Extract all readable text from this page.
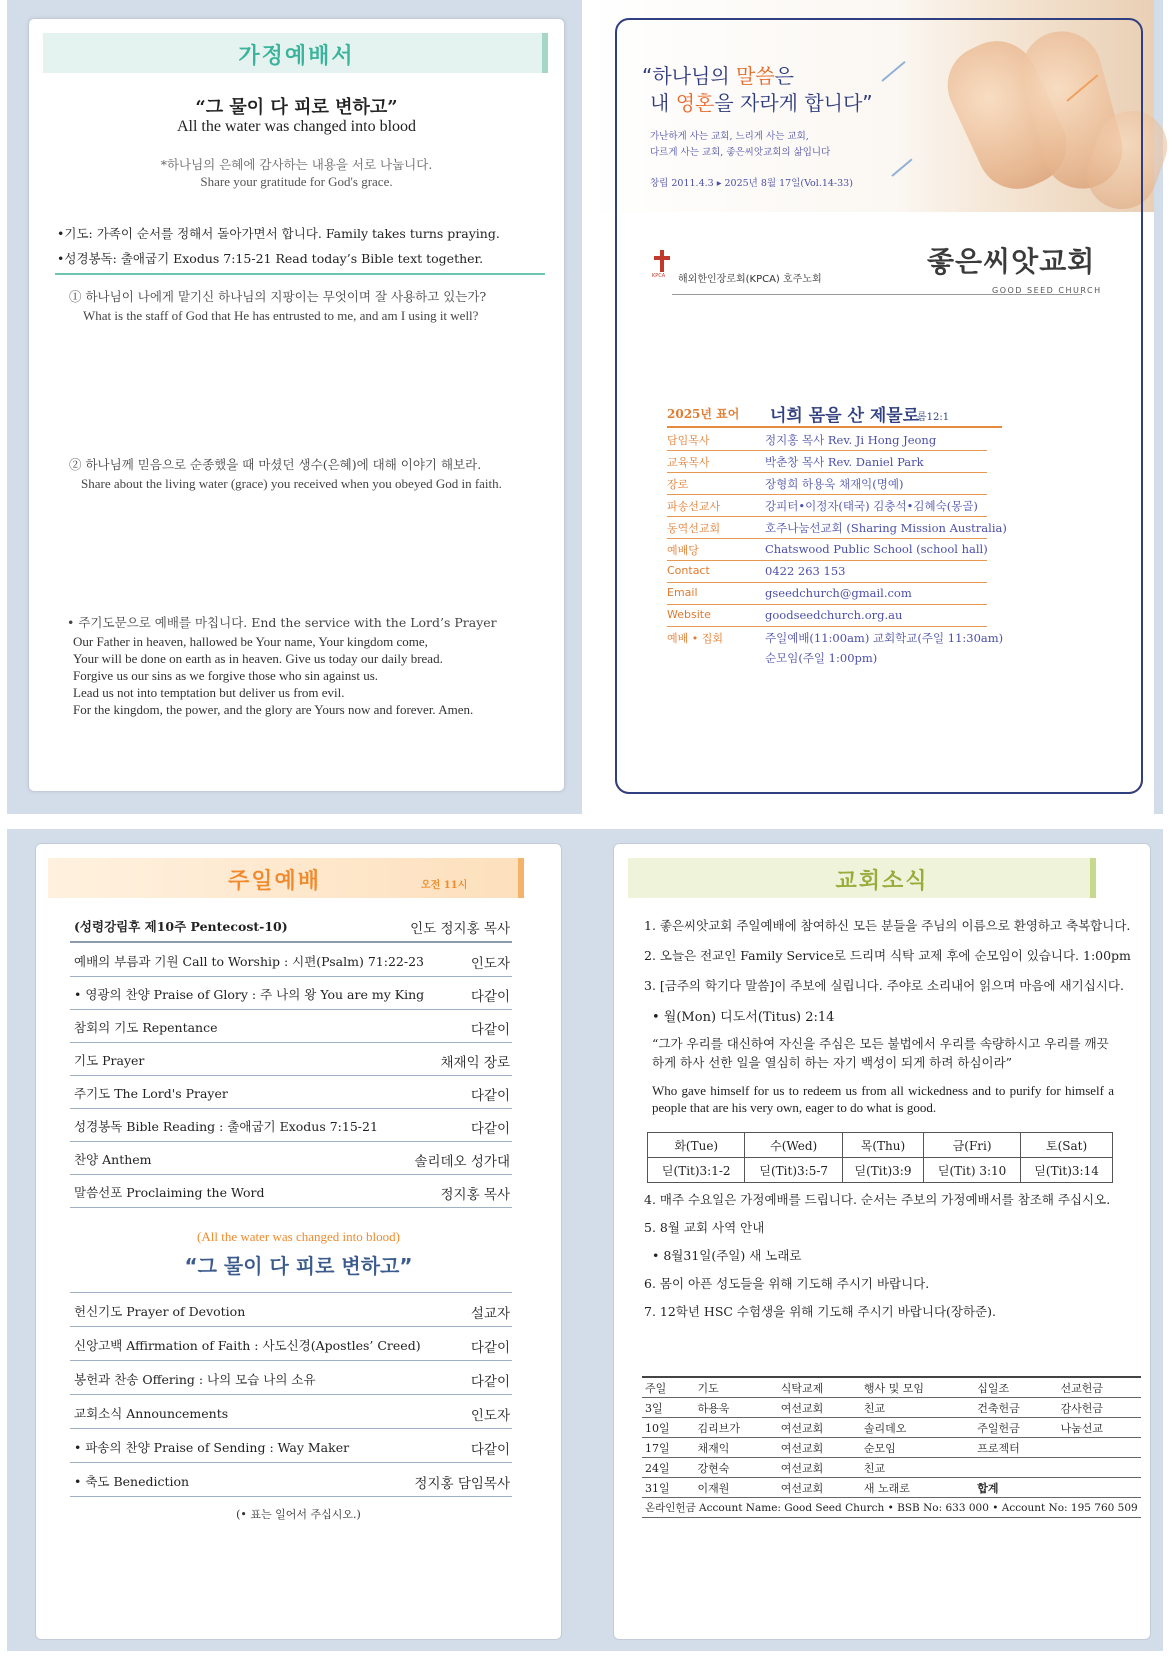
가정예배서
“그 물이 다 피로 변하고”
All the water was changed into blood
*하나님의 은혜에 감사하는 내용을 서로 나눕니다.
Share your gratitude for God's grace.
•기도: 가족이 순서를 정해서 돌아가면서 합니다. Family takes turns praying.
•성경봉독: 출애굽기 Exodus 7:15-21 Read today’s Bible text together.
① 하나님이 나에게 맡기신 하나님의 지팡이는 무엇이며 잘 사용하고 있는가?
What is the staff of God that He has entrusted to me, and am I using it well?
② 하나님께 믿음으로 순종했을 때 마셨던 생수(은혜)에 대해 이야기 해보라.
Share about the living water (grace) you received when you obeyed God in faith.
• 주기도문으로 예배를 마칩니다. End the service with the Lord’s Prayer
Our Father in heaven, hallowed be Your name, Your kingdom come,
Your will be done on earth as in heaven. Give us today our daily bread.
Forgive us our sins as we forgive those who sin against us.
Lead us not into temptation but deliver us from evil.
For the kingdom, the power, and the glory are Yours now and forever. Amen.
“하나님의 말씀은
내 영혼을 자라게 합니다”
가난하게 사는 교회, 느리게 사는 교회,
다르게 사는 교회, 좋은씨앗교회의 삶입니다
창립 2011.4.3 ▸ 2025년 8월 17일(Vol.14-33)
KPCA 해외한인장로회(KPCA) 호주노회
좋은씨앗교회
GOOD SEED CHURCH
2025년 표어 너희 몸을 산 제물로
롬12:1
담임목사	정지홍 목사 Rev. Ji Hong Jeong
교육목사	박춘창 목사 Rev. Daniel Park
장로	장형희 하용욱 채재익(명예)
파송선교사	강피터•이정자(태국) 김충석•김혜숙(몽골)
동역선교회	호주나눔선교회 (Sharing Mission Australia)
예배당	Chatswood Public School (school hall)
Contact	0422 263 153
Email	gseedchurch@gmail.com
Website	goodseedchurch.org.au
예배 • 집회	주일예배(11:00am) 교회학교(주일 11:30am)
순모임(주일 1:00pm)
주일예배	오전 11시
(성령강림후 제10주 Pentecost-10)	인도 정지홍 목사
예배의 부름과 기원 Call to Worship : 시편(Psalm) 71:22-23	인도자
• 영광의 찬양 Praise of Glory : 주 나의 왕 You are my King	다같이
참회의 기도 Repentance	다같이
기도 Prayer	채재익 장로
주기도 The Lord's Prayer	다같이
성경봉독 Bible Reading : 출애굽기 Exodus 7:15-21	다같이
찬양 Anthem	솔리데오 성가대
말씀선포 Proclaiming the Word	정지홍 목사
(All the water was changed into blood)
“그 물이 다 피로 변하고”
헌신기도 Prayer of Devotion	설교자
신앙고백 Affirmation of Faith : 사도신경(Apostles’ Creed)	다같이
봉헌과 찬송 Offering : 나의 모습 나의 소유	다같이
교회소식 Announcements	인도자
• 파송의 찬양 Praise of Sending : Way Maker	다같이
• 축도 Benediction	정지홍 담임목사
(• 표는 일어서 주십시오.)
교회소식
1. 좋은씨앗교회 주일예배에 참여하신 모든 분들을 주님의 이름으로 환영하고 축복합니다.
2. 오늘은 전교인 Family Service로 드리며 식탁 교제 후에 순모임이 있습니다. 1:00pm
3. [금주의 학기다 말씀]이 주보에 실립니다. 주야로 소리내어 읽으며 마음에 새기십시다.
• 월(Mon) 디도서(Titus) 2:14
“그가 우리를 대신하여 자신을 주심은 모든 불법에서 우리를 속량하시고 우리를 깨끗하게 하사 선한 일을 열심히 하는 자기 백성이 되게 하려 하심이라”
Who gave himself for us to redeem us from all wickedness and to purify for himself a people that are his very own, eager to do what is good.
화(Tue)	수(Wed)	목(Thu)	금(Fri)	토(Sat)
딛(Tit)3:1-2	딛(Tit)3:5-7	딛(Tit)3:9	딛(Tit) 3:10	딛(Tit)3:14
4. 매주 수요일은 가정예배를 드립니다. 순서는 주보의 가정예배서를 참조해 주십시오.
5. 8월 교회 사역 안내
• 8월31일(주일) 새 노래로
6. 몸이 아픈 성도들을 위해 기도해 주시기 바랍니다.
7. 12학년 HSC 수험생을 위해 기도해 주시기 바랍니다(장하준).
주일	기도	식탁교제	행사 및 모임	십일조	선교헌금
3일	하용욱	여선교회	친교	건축헌금	감사헌금
10일	김리브가	여선교회	솔리데오	주일헌금	나눔선교
17일	채재익	여선교회	순모임	프로젝터	
24일	강현숙	여선교회	친교		
31일	이재원	여선교회	새 노래로	합계	
온라인헌금 Account Name: Good Seed Church • BSB No: 633 000 • Account No: 195 760 509					
